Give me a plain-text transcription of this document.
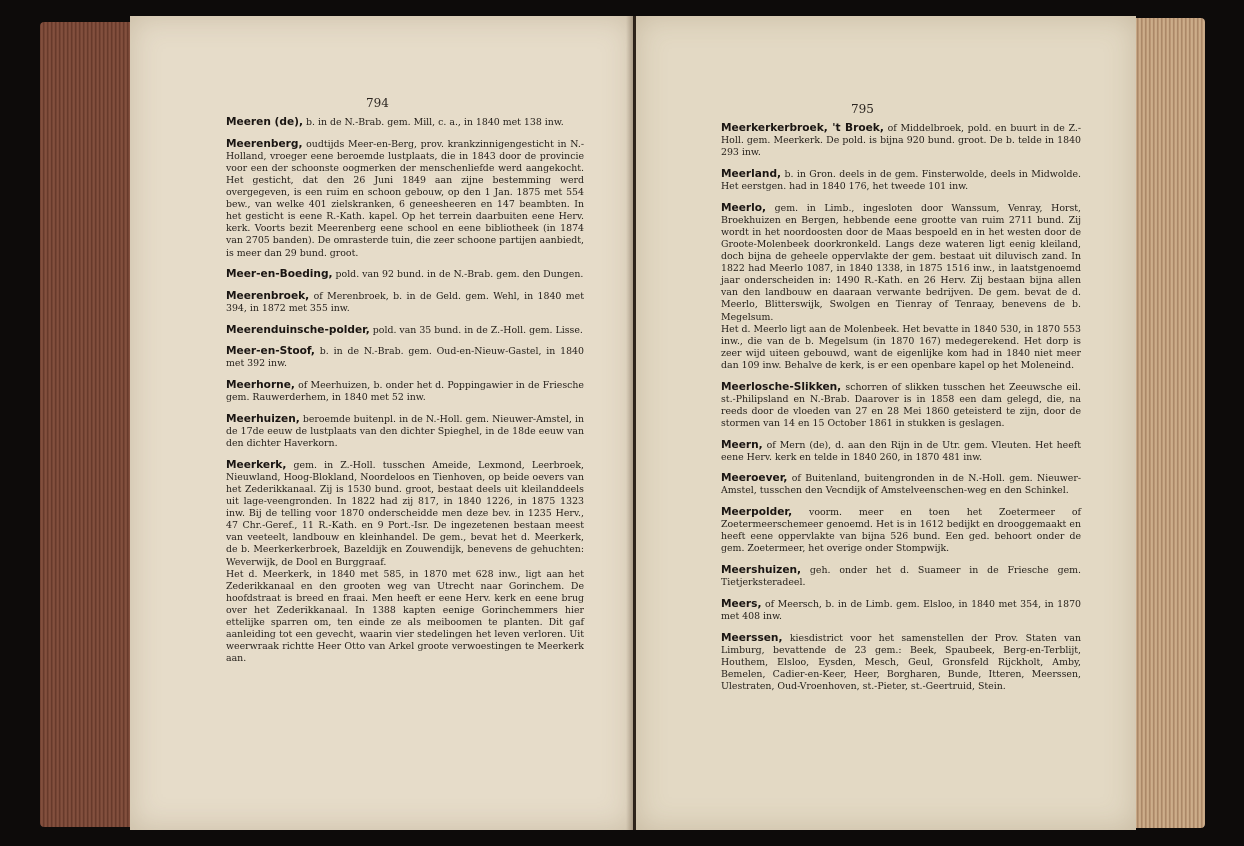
794

Meeren (de), b. in de N.-Brab. gem. Mill, c. a., in 1840 met 138 inw.

Meerenberg, oudtijds Meer-en-Berg, prov. krankzinnigengesticht in N.-Holland, vroeger eene beroemde lustplaats, die in 1843 door de provincie voor een der schoonste oogmerken der menschenliefde werd aangekocht. Het gesticht, dat den 26 Juni 1849 aan zijne bestemming werd overgegeven, is een ruim en schoon gebouw, op den 1 Jan. 1875 met 554 bew., van welke 401 zielskranken, 6 geneesheeren en 147 beambten. In het gesticht is eene R.-Kath. kapel. Op het terrein daarbuiten eene Herv. kerk. Voorts bezit Meerenberg eene school en eene bibliotheek (in 1874 van 2705 banden). De omrasterde tuin, die zeer schoone partijen aanbiedt, is meer dan 29 bund. groot.

Meer-en-Boeding, pold. van 92 bund. in de N.-Brab. gem. den Dungen.

Meerenbroek, of Merenbroek, b. in de Geld. gem. Wehl, in 1840 met 394, in 1872 met 355 inw.

Meerenduinsche-polder, pold. van 35 bund. in de Z.-Holl. gem. Lisse.

Meer-en-Stoof, b. in de N.-Brab. gem. Oud-en-Nieuw-Gastel, in 1840 met 392 inw.

Meerhorne, of Meerhuizen, b. onder het d. Poppingawier in de Friesche gem. Rauwerderhem, in 1840 met 52 inw.

Meerhuizen, beroemde buitenpl. in de N.-Holl. gem. Nieuwer-Amstel, in de 17de eeuw de lustplaats van den dichter Spieghel, in de 18de eeuw van den dichter Haverkorn.

Meerkerk, gem. in Z.-Holl. tusschen Ameide, Lexmond, Leerbroek, Nieuwland, Hoog-Blokland, Noordeloos en Tienhoven, op beide oevers van het Zederikkanaal. Zij is 1530 bund. groot, bestaat deels uit kleilanddeels uit lage-veengronden. In 1822 had zij 817, in 1840 1226, in 1875 1323 inw. Bij de telling voor 1870 onderscheidde men deze bev. in 1235 Herv., 47 Chr.-Geref., 11 R.-Kath. en 9 Port.-Isr. De ingezetenen bestaan meest van veeteelt, landbouw en kleinhandel. De gem., bevat het d. Meerkerk, de b. Meerkerkerbroek, Bazeldijk en Zouwendijk, benevens de gehuchten: Weverwijk, de Dool en Burggraaf.
Het d. Meerkerk, in 1840 met 585, in 1870 met 628 inw., ligt aan het Zederikkanaal en den grooten weg van Utrecht naar Gorinchem. De hoofdstraat is breed en fraai. Men heeft er eene Herv. kerk en eene brug over het Zederikkanaal. In 1388 kapten eenige Gorinchemmers hier ettelijke sparren om, ten einde ze als meiboomen te planten. Dit gaf aanleiding tot een gevecht, waarin vier stedelingen het leven verloren. Uit weerwraak richtte Heer Otto van Arkel groote verwoestingen te Meerkerk aan.

795

Meerkerkerbroek, 't Broek, of Middelbroek, pold. en buurt in de Z.-Holl. gem. Meerkerk. De pold. is bijna 920 bund. groot. De b. telde in 1840 293 inw.

Meerland, b. in Gron. deels in de gem. Finsterwolde, deels in Midwolde. Het eerstgen. had in 1840 176, het tweede 101 inw.

Meerlo, gem. in Limb., ingesloten door Wanssum, Venray, Horst, Broekhuizen en Bergen, hebbende eene grootte van ruim 2711 bund. Zij wordt in het noordoosten door de Maas bespoeld en in het westen door de Groote-Molenbeek doorkronkeld. Langs deze wateren ligt eenig kleiland, doch bijna de geheele oppervlakte der gem. bestaat uit diluvisch zand. In 1822 had Meerlo 1087, in 1840 1338, in 1875 1516 inw., in laatstgenoemd jaar onderscheiden in: 1490 R.-Kath. en 26 Herv. Zij bestaan bijna allen van den landbouw en daaraan verwante bedrijven. De gem. bevat de d. Meerlo, Blitterswijk, Swolgen en Tienray of Tenraay, benevens de b. Megelsum.
Het d. Meerlo ligt aan de Molenbeek. Het bevatte in 1840 530, in 1870 553 inw., die van de b. Megelsum (in 1870 167) medegerekend. Het dorp is zeer wijd uiteen gebouwd, want de eigenlijke kom had in 1840 niet meer dan 109 inw. Behalve de kerk, is er een openbare kapel op het Moleneind.

Meerlosche-Slikken, schorren of slikken tusschen het Zeeuwsche eil. st.-Philipsland en N.-Brab. Daarover is in 1858 een dam gelegd, die, na reeds door de vloeden van 27 en 28 Mei 1860 geteisterd te zijn, door de stormen van 14 en 15 October 1861 in stukken is geslagen.

Meern, of Mern (de), d. aan den Rijn in de Utr. gem. Vleuten. Het heeft eene Herv. kerk en telde in 1840 260, in 1870 481 inw.

Meeroever, of Buitenland, buitengronden in de N.-Holl. gem. Nieuwer-Amstel, tusschen den Vecndijk of Amstelveenschen-weg en den Schinkel.

Meerpolder, voorm. meer en toen het Zoetermeer of Zoetermeerschemeer genoemd. Het is in 1612 bedijkt en drooggemaakt en heeft eene oppervlakte van bijna 526 bund. Een ged. behoort onder de gem. Zoetermeer, het overige onder Stompwijk.

Meershuizen, geh. onder het d. Suameer in de Friesche gem. Tietjerksteradeel.

Meers, of Meersch, b. in de Limb. gem. Elsloo, in 1840 met 354, in 1870 met 408 inw.

Meerssen, kiesdistrict voor het samenstellen der Prov. Staten van Limburg, bevattende de 23 gem.: Beek, Spaubeek, Berg-en-Terblijt, Houthem, Elsloo, Eysden, Mesch, Geul, Gronsfeld Rijckholt, Amby, Bemelen, Cadier-en-Keer, Heer, Borgharen, Bunde, Itteren, Meerssen, Ulestraten, Oud-Vroenhoven, st.-Pieter, st.-Geertruid, Stein.
